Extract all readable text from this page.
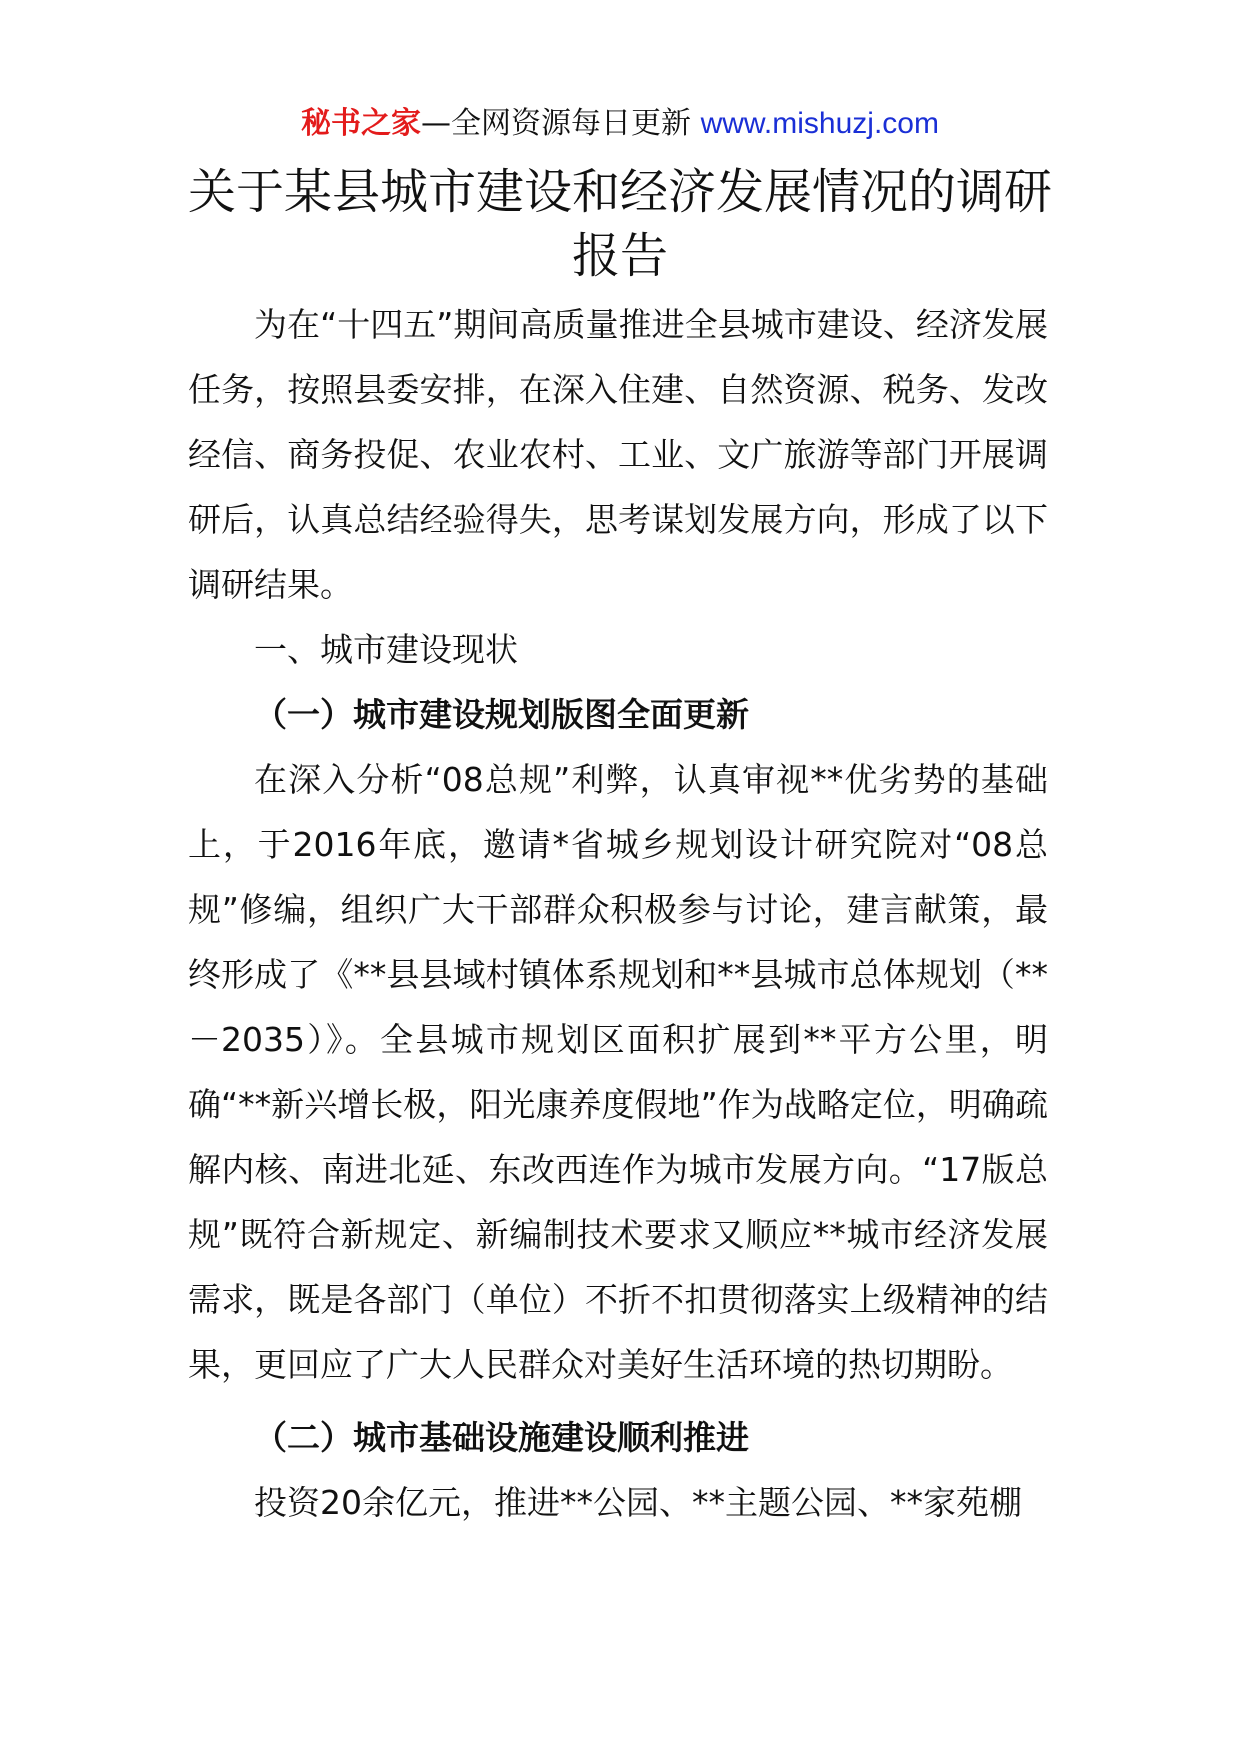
秘书之家—全网资源每日更新 www.mishuzj.com
关于某县城市建设和经济发展情况的调研报告

为在“十四五”期间高质量推进全县城市建设、经济发展任务，按照县委安排，在深入住建、自然资源、税务、发改经信、商务投促、农业农村、工业、文广旅游等部门开展调研后，认真总结经验得失，思考谋划发展方向，形成了以下调研结果。

一、城市建设现状

（一）城市建设规划版图全面更新

在深入分析“08总规”利弊，认真审视**优劣势的基础上，于2016年底，邀请*省城乡规划设计研究院对“08总规”修编，组织广大干部群众积极参与讨论，建言献策，最终形成了《**县县域村镇体系规划和**县城市总体规划（**－2035）》。全县城市规划区面积扩展到**平方公里，明确“**新兴增长极，阳光康养度假地”作为战略定位，明确疏解内核、南进北延、东改西连作为城市发展方向。“17版总规”既符合新规定、新编制技术要求又顺应**城市经济发展需求，既是各部门（单位）不折不扣贯彻落实上级精神的结果，更回应了广大人民群众对美好生活环境的热切期盼。

（二）城市基础设施建设顺利推进

投资20余亿元，推进**公园、**主题公园、**家苑棚
